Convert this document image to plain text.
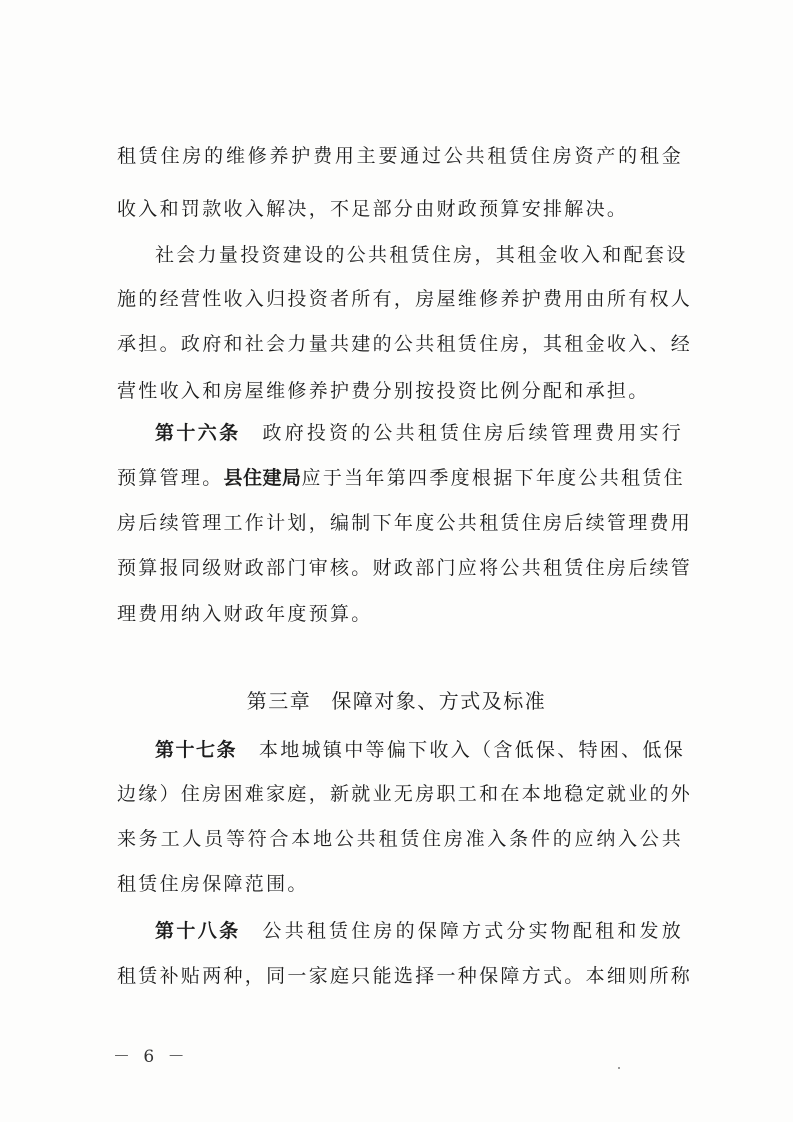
租赁住房的维修养护费用主要通过公共租赁住房资产的租金
收入和罚款收入解决，不足部分由财政预算安排解决。
社会力量投资建设的公共租赁住房，其租金收入和配套设
施的经营性收入归投资者所有，房屋维修养护费用由所有权人
承担。政府和社会力量共建的公共租赁住房，其租金收入、经
营性收入和房屋维修养护费分别按投资比例分配和承担。
第十六条 政府投资的公共租赁住房后续管理费用实行
预算管理。县住建局应于当年第四季度根据下年度公共租赁住
房后续管理工作计划，编制下年度公共租赁住房后续管理费用
预算报同级财政部门审核。财政部门应将公共租赁住房后续管
理费用纳入财政年度预算。
第三章 保障对象、方式及标准
第十七条 本地城镇中等偏下收入（含低保、特困、低保
边缘）住房困难家庭，新就业无房职工和在本地稳定就业的外
来务工人员等符合本地公共租赁住房准入条件的应纳入公共
租赁住房保障范围。
第十八条 公共租赁住房的保障方式分实物配租和发放
租赁补贴两种，同一家庭只能选择一种保障方式。本细则所称
－ 6 －
